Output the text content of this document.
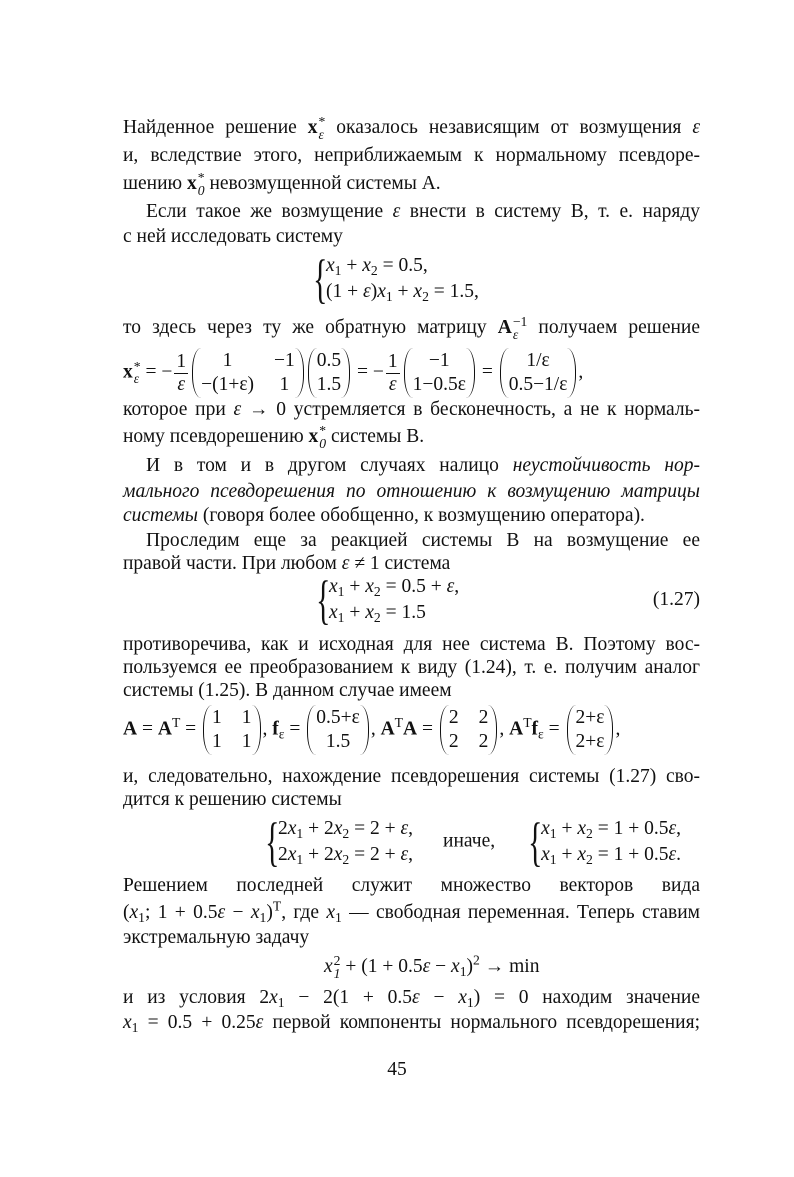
Найденное решение x *
ε оказалось независящим от возмущения ε
и, вследствие этого, неприближаемым к нормальному псевдоре-
шению x *
0 невозмущенной системы A.
Если такое же возмущение ε внести в систему B, т. е. наряду
с ней исследовать систему
{
$x_1 + x_2 = 0.5$,
$(1 + \varepsilon)x_1 + x_2 = 1.5$,
то здесь через ту же обратную матрицу A −1
ε получаем решение
x *
ε = − $\frac{1}{\varepsilon}$	1	−1
−(1+ε) 1
0.5
1.5
= − $\frac{1}{\varepsilon}$	−1
1−0.5ε
=
1/ε
0.5−1/ε
,
которое при ε → 0 устремляется в бесконечность, а не к нормаль-
ному псевдорешению x *
0 системы B.
И в том и в другом случаях налицо неустойчивость нор-
мального псевдорешения по отношению к возмущению матрицы
системы (говоря более обобщенно, к возмущению оператора).
Проследим еще за реакцией системы B на возмущение ее
правой части. При любом ε ≠ 1 система
{
$x_1 + x_2 = 0.5 + \varepsilon$,
$x_1 + x_2 = 1.5$
(1.27)
противоречива, как и исходная для нее система B. Поэтому вос-
пользуемся ее преобразованием к виду (1.24), т. е. получим аналог
системы (1.25). В данном случае имеем
$A = A^T$ =
1 1
1 1
, $f_\varepsilon$ =
0.5+ε
1.5
, $A^TA$ =
2 2
2 2
, $A^Tf_\varepsilon$ =
2+ε
2+ε
,
и, следовательно, нахождение псевдорешения системы (1.27) сво-
дится к решению системы
{
$2x_1 + 2x_2 = 2 + \varepsilon$,
$2x_1 + 2x_2 = 2 + \varepsilon$,
иначе, {
$x_1 + x_2 = 1 + 0.5\varepsilon$,
$x_1 + x_2 = 1 + 0.5\varepsilon$.
Решением последней служит множество векторов вида
($x_1$; $1 + 0.5\varepsilon - x_1)^T$, где $x_1$ — свободная переменная. Теперь ставим
экстремальную задачу
x 2
$1 + (1 + 0.5\varepsilon - x_1)^2 \to \min$
и из условия $2x_1 - 2(1 + 0.5\varepsilon - x_1) = 0$ находим значение
$x_1 = 0.5 + 0.25\varepsilon$ первой компоненты нормального псевдорешения;
45
